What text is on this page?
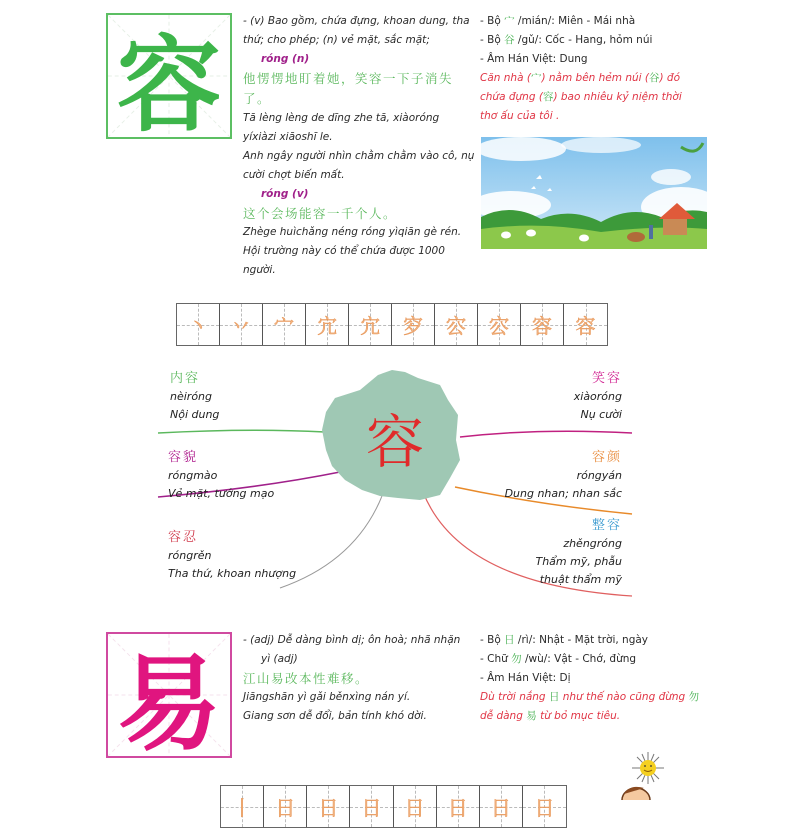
容
- (v) Bao gồm, chứa đựng, khoan dung, tha thứ; cho phép; (n) vẻ mặt, sắc mặt;
róng (n)
他愣愣地盯着她，笑容一下子消失了。
Tā lèng lèng de dīng zhe tā, xiàoróng yíxiàzi xiāoshī le.
Anh ngây người nhìn chằm chằm vào cô, nụ cười chợt biến mất.
róng (v)
这个会场能容一千个人。
Zhège huìchǎng néng róng yìqiān gè rén.
Hội trường này có thể chứa được 1000 người.
- Bộ 宀 /mián/: Miên - Mái nhà
- Bộ 谷 /gǔ/: Cốc - Hang, hỏm núi
- Âm Hán Việt: Dung
Căn nhà (宀) nằm bên hẻm núi (谷) đó chứa đựng (容) bao nhiêu kỷ niệm thời thơ ấu của tôi .
丶 丷 宀 宂 宂 穸 㝐 㝐 容 容
容
内容
nèiróng
Nội dung
容貌
róngmào
Vẻ mặt, tướng mạo
容忍
róngrěn
Tha thứ, khoan nhượng
笑容
xiàoróng
Nụ cười
容颜
róngyán
Dung nhan; nhan sắc
整容
zhěngróng
Thẩm mỹ, phẫu
thuật thẩm mỹ
易
- (adj) Dễ dàng bình dị; ôn hoà; nhã nhặn
yì (adj)
江山易改本性难移。
Jiāngshān yì gǎi běnxìng nán yí.
Giang sơn dễ đổi, bản tính khó dời.
- Bộ 日 /rì/: Nhật - Mặt trời, ngày
- Chữ 勿 /wù/: Vật - Chớ, đừng
- Âm Hán Việt: Dị
Dù trời nắng 日 như thế nào cũng đừng 勿 dễ dàng 易 từ bỏ mục tiêu.
丨 日 日 日 日 日 日 日
